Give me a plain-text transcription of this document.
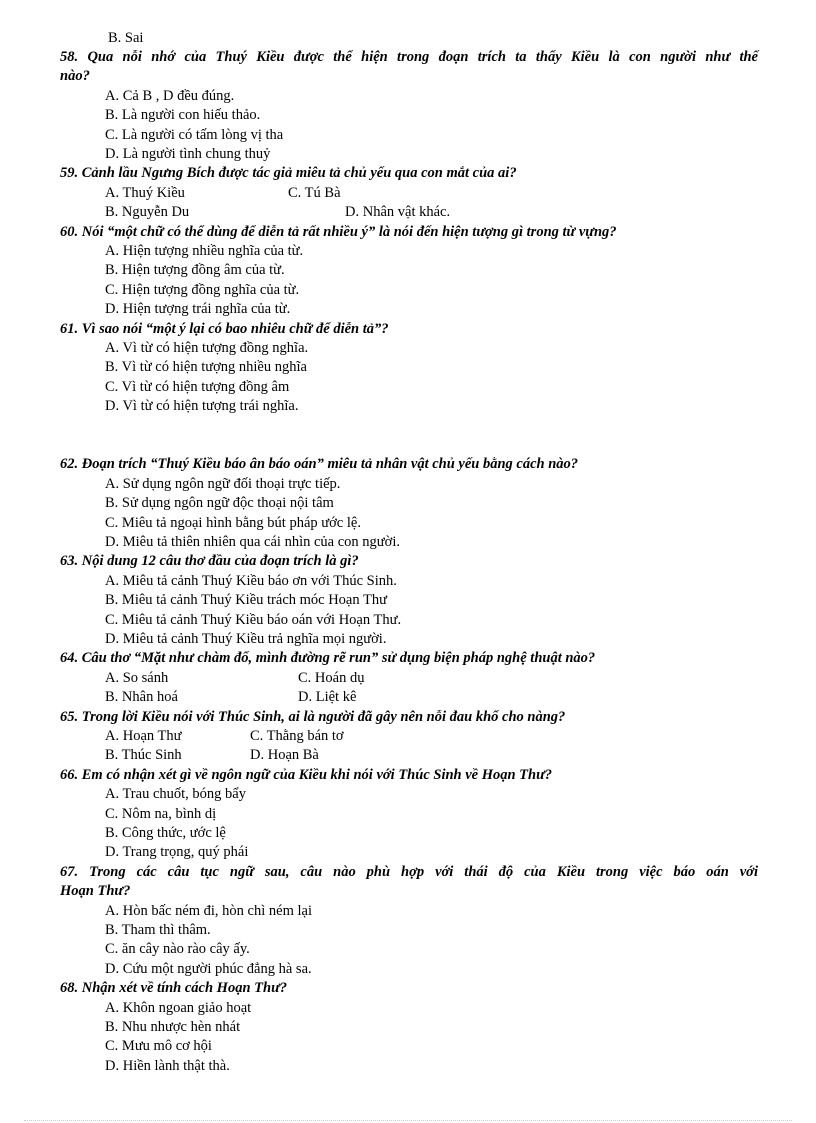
B. Sai
58. Qua nỗi nhớ của Thuý Kiều được thể hiện trong đoạn trích ta thấy Kiều là con người như thế
nào?
A. Cả B , D đều đúng.
B. Là người con hiếu thảo.
C. Là người có tấm lòng vị tha
D. Là người tình chung thuỷ
59. Cảnh lầu Ngưng Bích được tác giả miêu tả chủ yếu qua con mắt của ai?
A. Thuý Kiều	C. Tú Bà
B. Nguyễn Du	D. Nhân vật khác.
60. Nói “một chữ có thể dùng để diễn tả rất nhiều ý” là nói đến hiện tượng gì trong từ vựng?
A. Hiện tượng nhiều nghĩa của từ.
B. Hiện tượng đồng âm của từ.
C. Hiện tượng đồng nghĩa của từ.
D. Hiện tượng trái nghĩa của từ.
61. Vì sao nói “một ý lại có bao nhiêu chữ để diễn tả”?
A. Vì từ có hiện tượng đồng nghĩa.
B. Vì từ có hiện tượng nhiều nghĩa
C. Vì từ có hiện tượng đồng âm
D. Vì từ có hiện tượng trái nghĩa.
62. Đoạn trích “Thuý Kiều báo ân báo oán” miêu tả nhân vật chủ yếu bằng cách nào?
A. Sử dụng ngôn ngữ đối thoại trực tiếp.
B. Sử dụng ngôn ngữ độc thoại nội tâm
C. Miêu tả ngoại hình bằng bút pháp ước lệ.
D. Miêu tả thiên nhiên qua cái nhìn của con người.
63. Nội dung 12 câu thơ đầu của đoạn trích là gì?
A. Miêu tả cảnh Thuý Kiều báo ơn với Thúc Sinh.
B. Miêu tả cảnh Thuý Kiều trách móc Hoạn Thư
C. Miêu tả cảnh Thuý Kiều báo oán với Hoạn Thư.
D. Miêu tả cảnh Thuý Kiều trả nghĩa mọi người.
64. Câu thơ “Mặt như chàm đổ, mình đường rẽ run” sử dụng biện pháp nghệ thuật nào?
A. So sánh	C. Hoán dụ
B. Nhân hoá	D. Liệt kê
65. Trong lời Kiều nói với Thúc Sinh, ai là người đã gây nên nỗi đau khổ cho nàng?
A. Hoạn Thư	C. Thằng bán tơ
B. Thúc Sinh	D. Hoạn Bà
66. Em có nhận xét gì về ngôn ngữ của Kiều khi nói với Thúc Sinh về Hoạn Thư?
A. Trau chuốt, bóng bẩy
C. Nôm na, bình dị
B. Công thức, ước lệ
D. Trang trọng, quý phái
67. Trong các câu tục ngữ sau, câu nào phù hợp với thái độ của Kiều trong việc báo oán với
Hoạn Thư?
A. Hòn bấc ném đi, hòn chì ném lại
B. Tham thì thâm.
C. ăn cây nào rào cây ấy.
D. Cứu một người phúc đẳng hà sa.
68. Nhận xét về tính cách Hoạn Thư?
A. Khôn ngoan giảo hoạt
B. Nhu nhược hèn nhát
C. Mưu mô cơ hội
D. Hiền lành thật thà.
